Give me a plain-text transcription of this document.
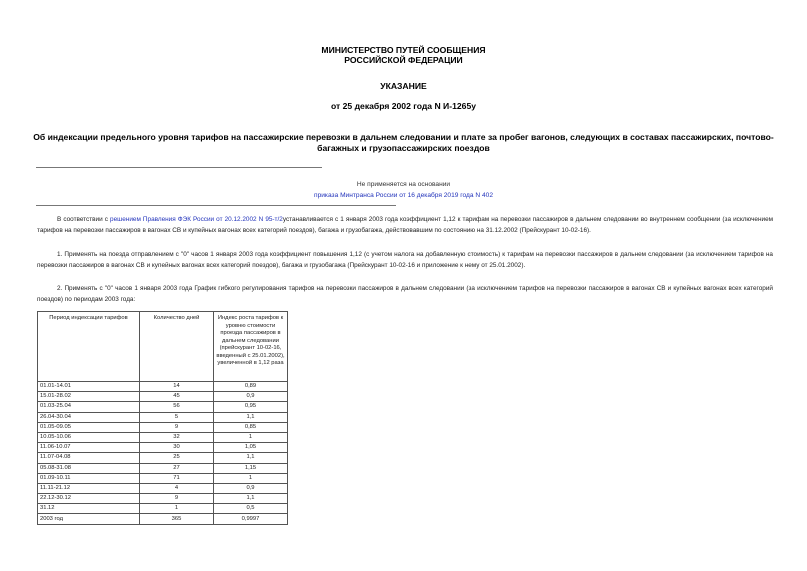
МИНИСТЕРСТВО ПУТЕЙ СООБЩЕНИЯ
РОССИЙСКОЙ ФЕДЕРАЦИИ
УКАЗАНИЕ
от 25 декабря 2002 года N И-1265у
Об индексации предельного уровня тарифов на пассажирские перевозки в дальнем следовании и плате за пробег вагонов, следующих в составах пассажирских, почтово-багажных и грузопассажирских поездов
Не применяется на основании
приказа Минтранса России от 16 декабря 2019 года N 402
В соответствии с решением Правления ФЭК России от 20.12.2002 N 95-т/2устанавливается с 1 января 2003 года коэффициент 1,12 к тарифам на перевозки пассажиров в дальнем следовании во внутреннем сообщении (за исключением тарифов на перевозки пассажиров в вагонах СВ и купейных вагонах всех категорий поездов), багажа и грузобагажа, действовавшим по состоянию на 31.12.2002 (Прейскурант 10-02-16).
1. Применять на поезда отправлением с "0" часов 1 января 2003 года коэффициент повышения 1,12 (с учетом налога на добавленную стоимость) к тарифам на перевозки пассажиров в дальнем следовании (за исключением тарифов на перевозки пассажиров в вагонах СВ и купейных вагонах всех категорий поездов), багажа и грузобагажа (Прейскурант 10-02-16 и приложение к нему от 25.01.2002).
2. Применять с "0" часов 1 января 2003 года График гибкого регулирования тарифов на перевозки пассажиров в дальнем следовании (за исключением тарифов на перевозки пассажиров в вагонах СВ и купейных вагонах всех категорий поездов) по периодам 2003 года:
Период индексации тарифов	Количество дней	Индекс роста тарифов к уровню стоимости проезда пассажиров в дальнем следовании (прейскурант 10-02-16, введенный с 25.01.2002), увеличенной в 1,12 раза
01.01-14.01	14	0,89
15.01-28.02	45	0,9
01.03-25.04	56	0,95
26.04-30.04	5	1,1
01.05-09.05	9	0,85
10.05-10.06	32	1
11.06-10.07	30	1,05
11.07-04.08	25	1,1
05.08-31.08	27	1,15
01.09-10.11	71	1
11.11-21.12	4	0,9
22.12-30.12	9	1,1
31.12	1	0,5
2003 год	365	0,9997
